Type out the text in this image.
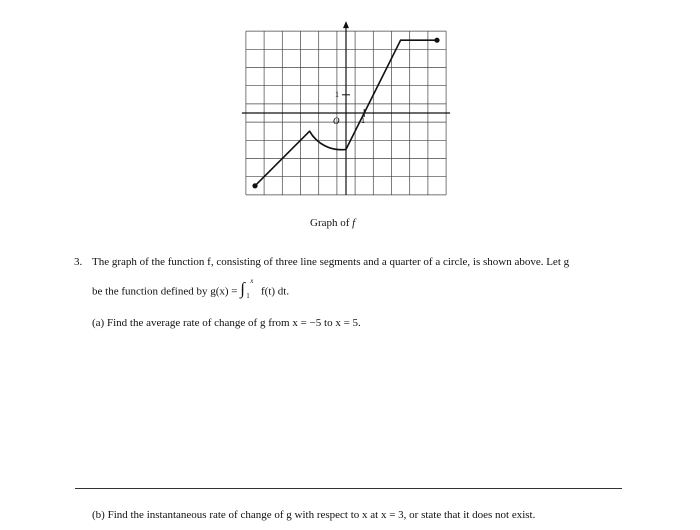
1
1
O
Graph of f
3. The graph of the function f, consisting of three line segments and a quarter of a circle, is shown above. Let g
be the function defined by g(x) = ∫ x
1 f(t) dt.
(a) Find the average rate of change of g from x = −5 to x = 5.
(b) Find the instantaneous rate of change of g with respect to x at x = 3, or state that it does not exist.
